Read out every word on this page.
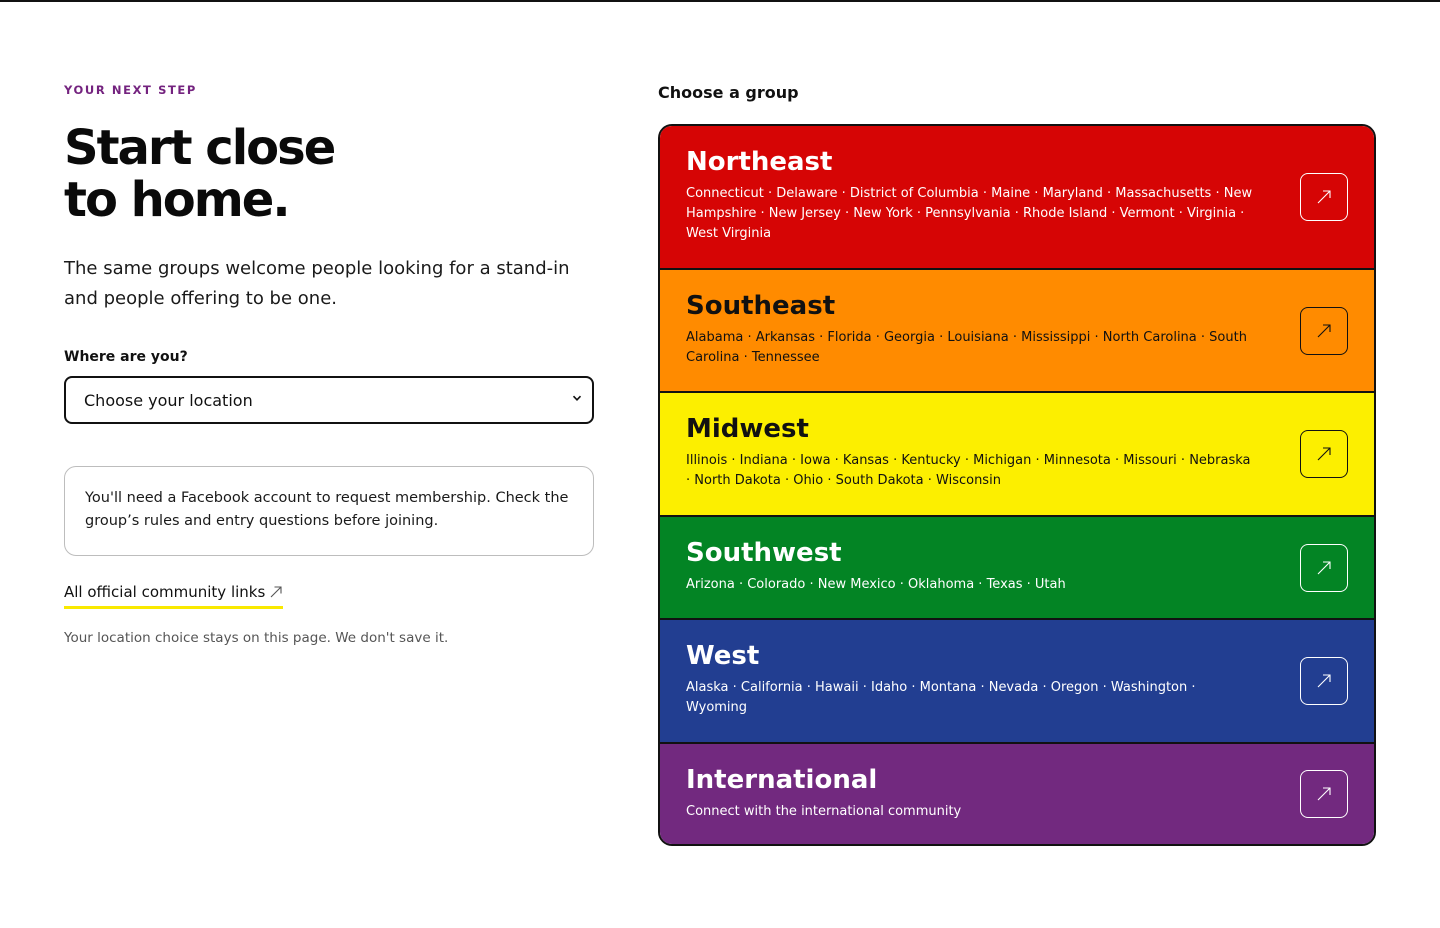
YOUR NEXT STEP

Start close
to home.

The same groups welcome people looking for a stand-in and people offering to be one.

Where are you?

Choose your location
You'll need a Facebook account to request membership. Check the group’s rules and entry questions before joining.
All official community links

Your location choice stays on this page. We don't save it.

Choose a group
Northeast

Connecticut · Delaware · District of Columbia · Maine · Maryland · Massachusetts · New Hampshire · New Jersey · New York · Pennsylvania · Rhode Island · Vermont · Virginia · West Virginia

Southeast

Alabama · Arkansas · Florida · Georgia · Louisiana · Mississippi · North Carolina · South Carolina · Tennessee

Midwest

Illinois · Indiana · Iowa · Kansas · Kentucky · Michigan · Minnesota · Missouri · Nebraska · North Dakota · Ohio · South Dakota · Wisconsin

Southwest

Arizona · Colorado · New Mexico · Oklahoma · Texas · Utah

West

Alaska · California · Hawaii · Idaho · Montana · Nevada · Oregon · Washington · Wyoming

International

Connect with the international community
